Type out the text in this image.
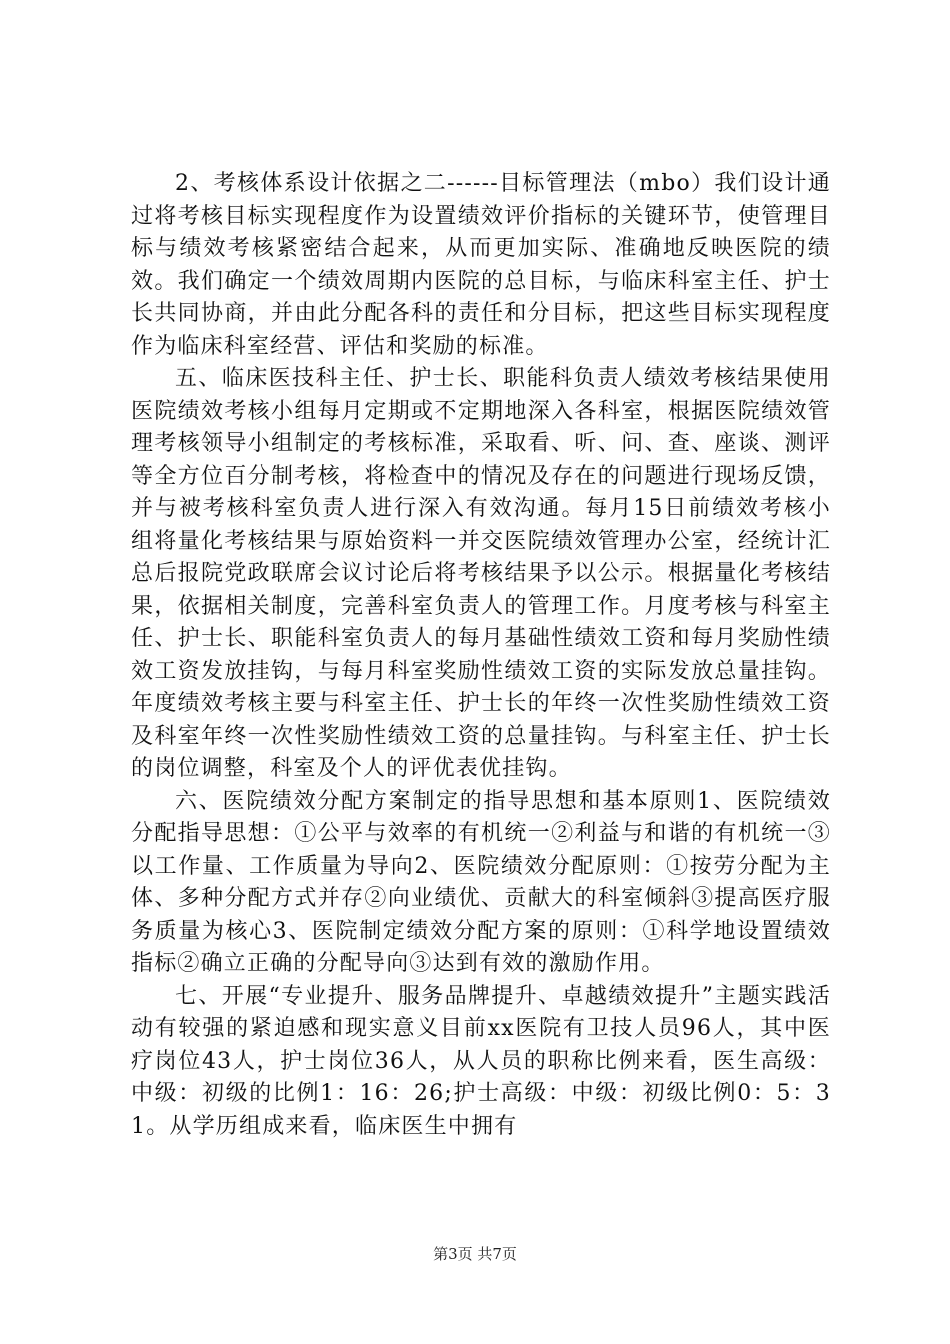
2、考核体系设计依据之二------目标管理法（mbo）我们设计通过将考核目标实现程度作为设置绩效评价指标的关键环节，使管理目标与绩效考核紧密结合起来，从而更加实际、准确地反映医院的绩效。我们确定一个绩效周期内医院的总目标，与临床科室主任、护士长共同协商，并由此分配各科的责任和分目标，把这些目标实现程度作为临床科室经营、评估和奖励的标准。

五、临床医技科主任、护士长、职能科负责人绩效考核结果使用医院绩效考核小组每月定期或不定期地深入各科室，根据医院绩效管理考核领导小组制定的考核标准，采取看、听、问、查、座谈、测评等全方位百分制考核，将检查中的情况及存在的问题进行现场反馈，并与被考核科室负责人进行深入有效沟通。每月15日前绩效考核小组将量化考核结果与原始资料一并交医院绩效管理办公室，经统计汇总后报院党政联席会议讨论后将考核结果予以公示。根据量化考核结果，依据相关制度，完善科室负责人的管理工作。月度考核与科室主任、护士长、职能科室负责人的每月基础性绩效工资和每月奖励性绩效工资发放挂钩，与每月科室奖励性绩效工资的实际发放总量挂钩。年度绩效考核主要与科室主任、护士长的年终一次性奖励性绩效工资及科室年终一次性奖励性绩效工资的总量挂钩。与科室主任、护士长的岗位调整，科室及个人的评优表优挂钩。

六、医院绩效分配方案制定的指导思想和基本原则1、医院绩效分配指导思想：①公平与效率的有机统一②利益与和谐的有机统一③以工作量、工作质量为导向2、医院绩效分配原则：①按劳分配为主体、多种分配方式并存②向业绩优、贡献大的科室倾斜③提高医疗服务质量为核心3、医院制定绩效分配方案的原则：①科学地设置绩效指标②确立正确的分配导向③达到有效的激励作用。

七、开展“专业提升、服务品牌提升、卓越绩效提升”主题实践活动有较强的紧迫感和现实意义目前xx医院有卫技人员96人，其中医疗岗位43人，护士岗位36人，从人员的职称比例来看，医生高级：中级：初级的比例1：16：26;护士高级：中级：初级比例0：5：31。从学历组成来看，临床医生中拥有

第3页 共7页
